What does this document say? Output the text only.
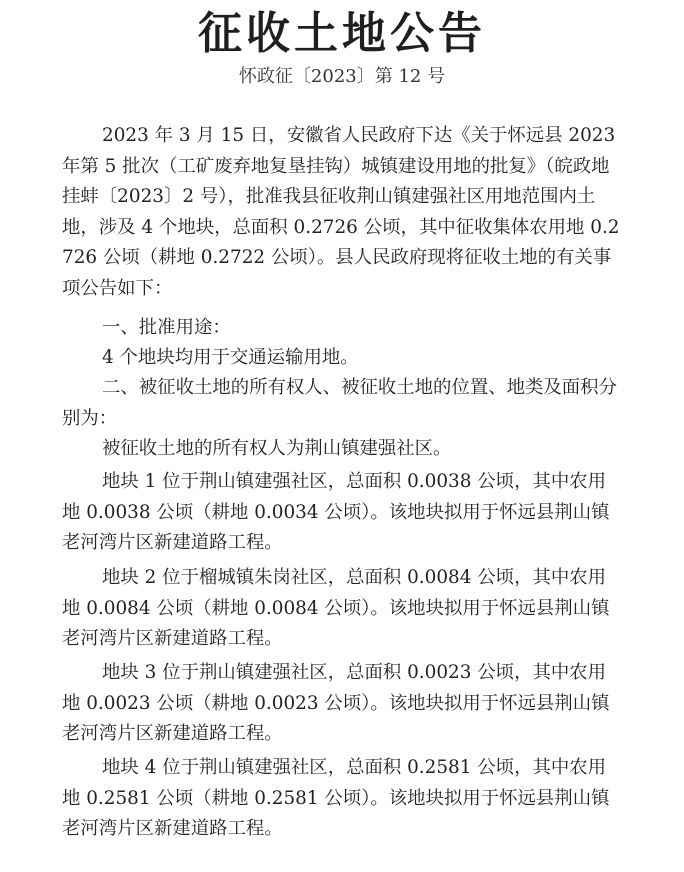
征收土地公告
怀政征〔2023〕第 12 号

2023 年 3 月 15 日，安徽省人民政府下达《关于怀远县 2023 年第 5 批次（工矿废弃地复垦挂钩）城镇建设用地的批复》（皖政地挂蚌〔2023〕2 号），批准我县征收荆山镇建强社区用地范围内土地，涉及 4 个地块，总面积 0.2726 公顷，其中征收集体农用地 0.2726 公顷（耕地 0.2722 公顷）。县人民政府现将征收土地的有关事项公告如下：

一、批准用途：

4 个地块均用于交通运输用地。

二、被征收土地的所有权人、被征收土地的位置、地类及面积分别为：

被征收土地的所有权人为荆山镇建强社区。

地块 1 位于荆山镇建强社区，总面积 0.0038 公顷，其中农用地 0.0038 公顷（耕地 0.0034 公顷）。该地块拟用于怀远县荆山镇老河湾片区新建道路工程。

地块 2 位于榴城镇朱岗社区，总面积 0.0084 公顷，其中农用地 0.0084 公顷（耕地 0.0084 公顷）。该地块拟用于怀远县荆山镇老河湾片区新建道路工程。

地块 3 位于荆山镇建强社区，总面积 0.0023 公顷，其中农用地 0.0023 公顷（耕地 0.0023 公顷）。该地块拟用于怀远县荆山镇老河湾片区新建道路工程。

地块 4 位于荆山镇建强社区，总面积 0.2581 公顷，其中农用地 0.2581 公顷（耕地 0.2581 公顷）。该地块拟用于怀远县荆山镇老河湾片区新建道路工程。
